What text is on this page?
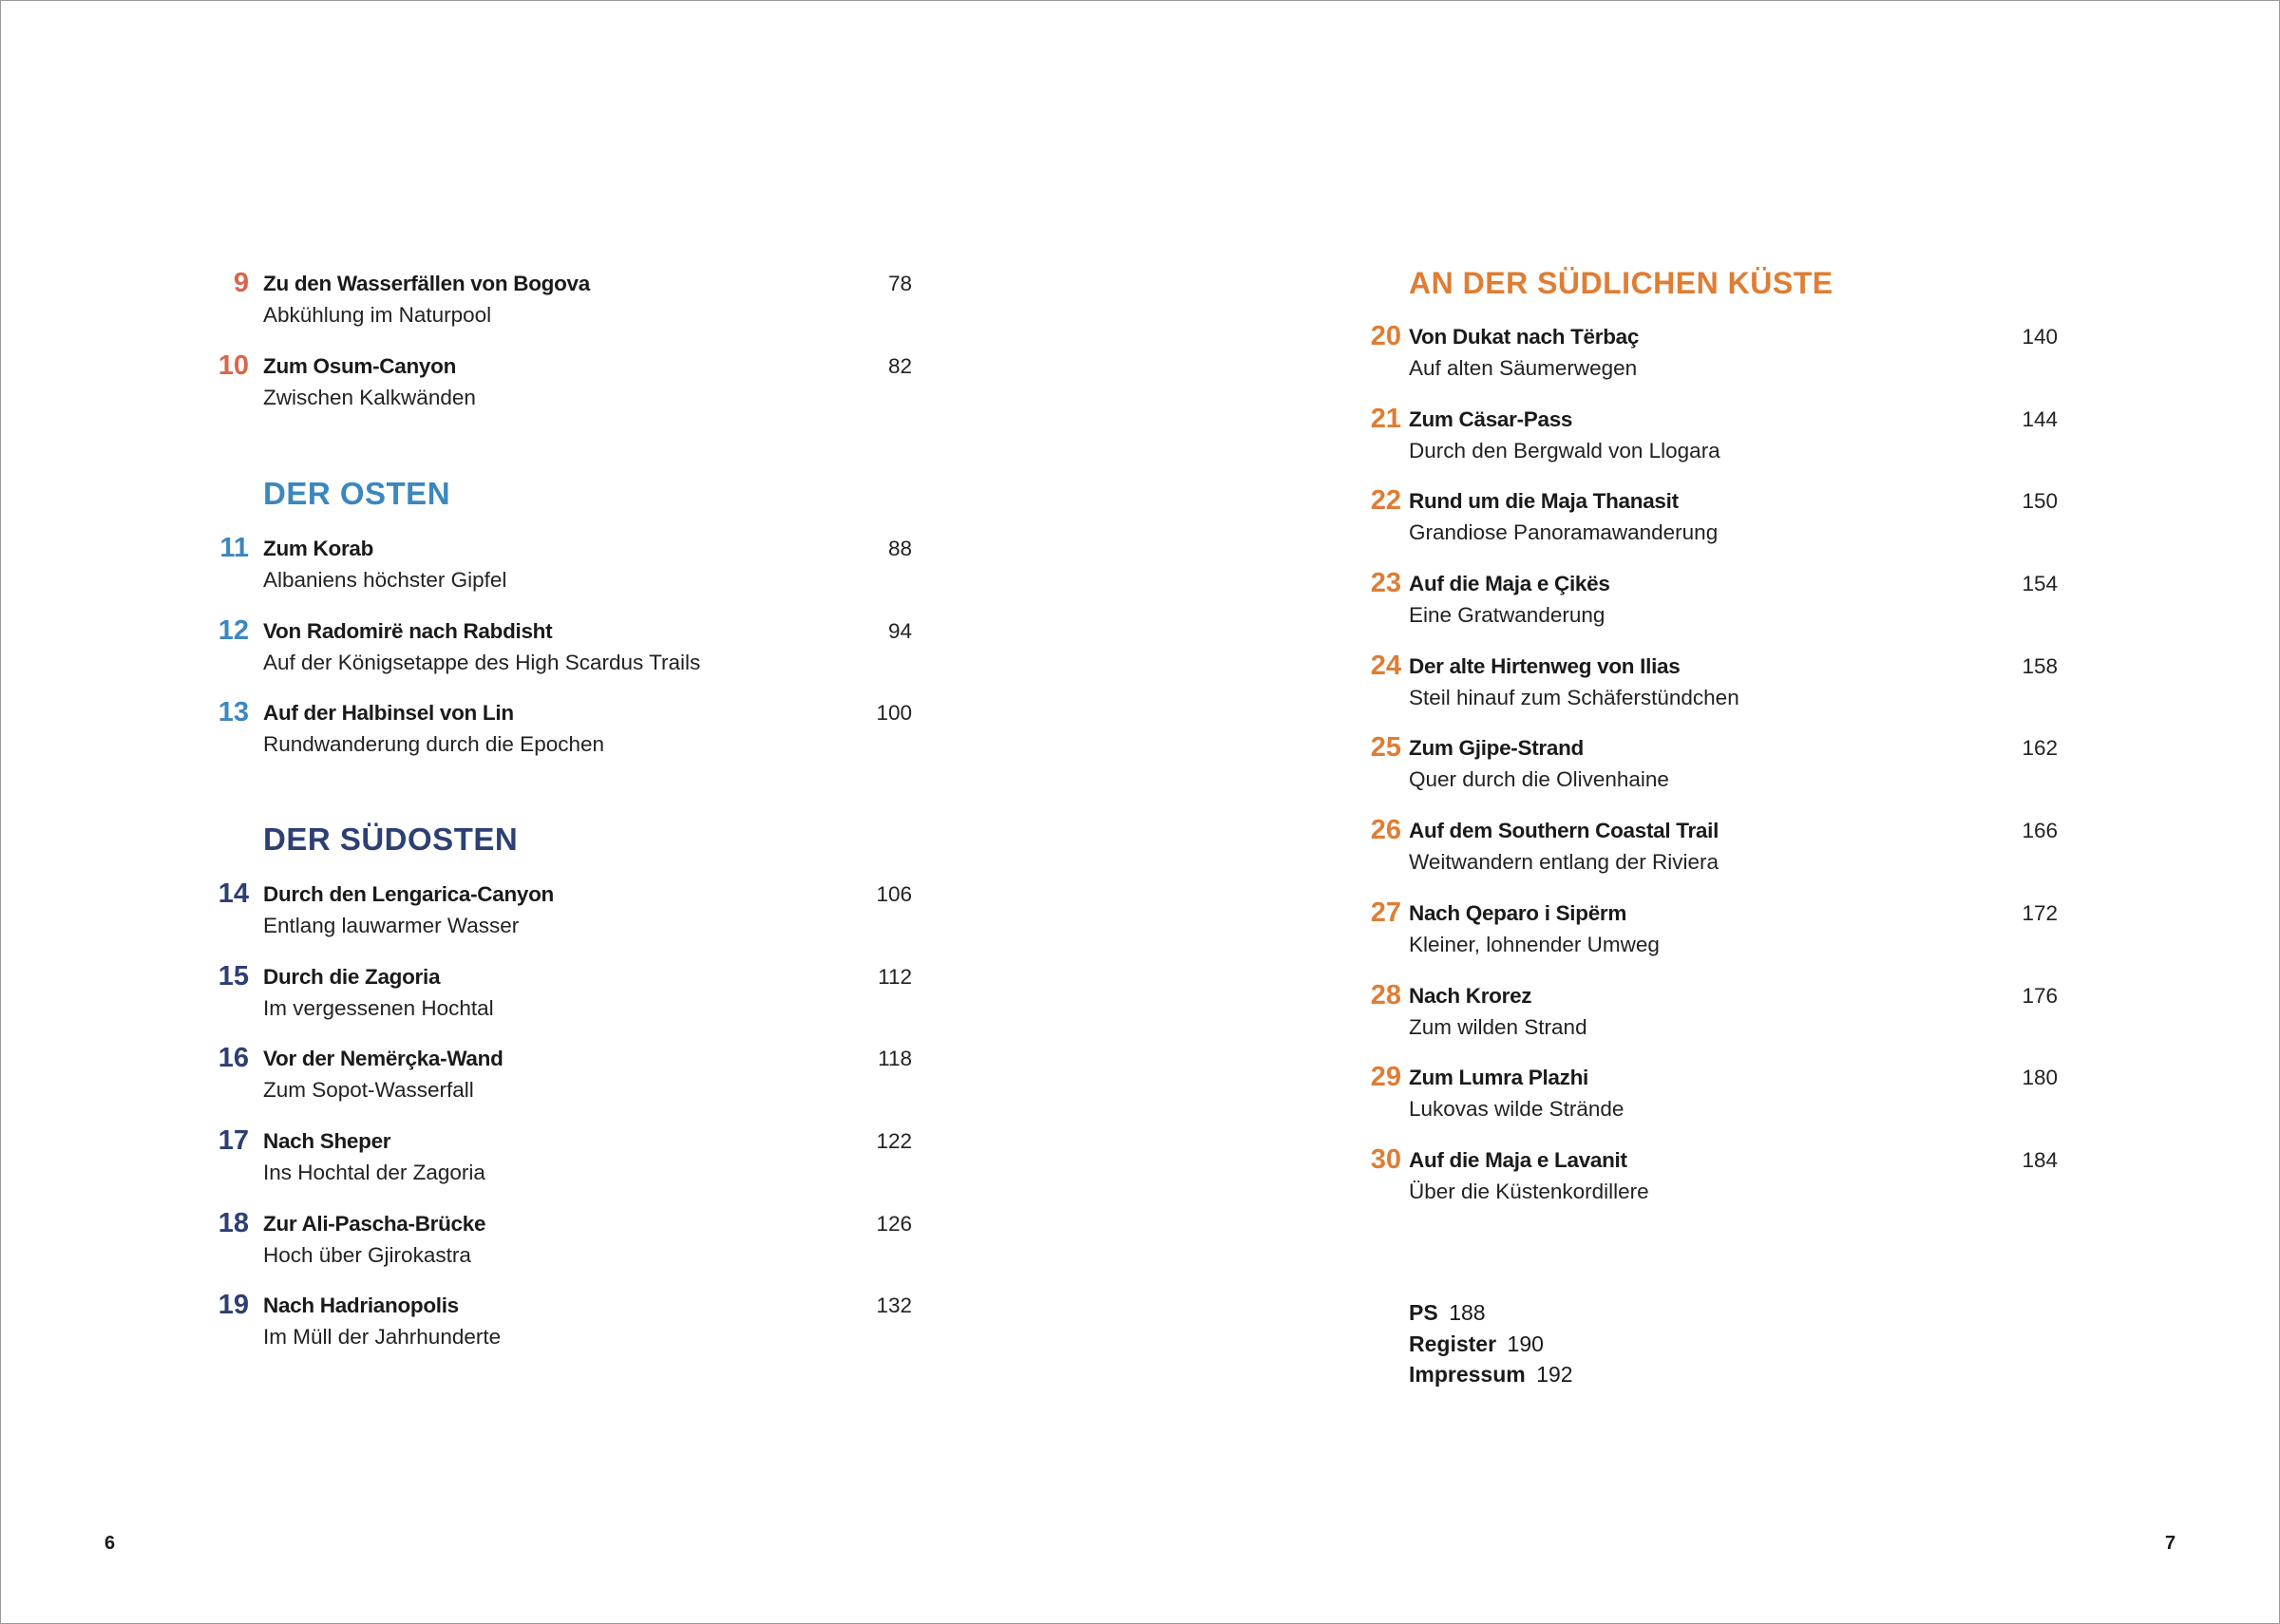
9 Zu den Wasserfällen von Bogova
Abkühlung im Naturpool
78
10 Zum Osum-Canyon
Zwischen Kalkwänden
82
DER OSTEN
11 Zum Korab
Albaniens höchster Gipfel
88
12 Von Radomirë nach Rabdisht
Auf der Königsetappe des High Scardus Trails
94
13 Auf der Halbinsel von Lin
Rundwanderung durch die Epochen
100
DER SÜDOSTEN
14 Durch den Lengarica-Canyon
Entlang lauwarmer Wasser
106
15 Durch die Zagoria
Im vergessenen Hochtal
112
16 Vor der Nemërçka-Wand
Zum Sopot-Wasserfall
118
17 Nach Sheper
Ins Hochtal der Zagoria
122
18 Zur Ali-Pascha-Brücke
Hoch über Gjirokastra
126
19 Nach Hadrianopolis
Im Müll der Jahrhunderte
132
AN DER SÜDLICHEN KÜSTE
20 Von Dukat nach Tërbaç
Auf alten Säumerwegen
140
21 Zum Cäsar-Pass
Durch den Bergwald von Llogara
144
22 Rund um die Maja Thanasit
Grandiose Panoramawanderung
150
23 Auf die Maja e Çikës
Eine Gratwanderung
154
24 Der alte Hirtenweg von Ilias
Steil hinauf zum Schäferstündchen
158
25 Zum Gjipe-Strand
Quer durch die Olivenhaine
162
26 Auf dem Southern Coastal Trail
Weitwandern entlang der Riviera
166
27 Nach Qeparo i Sipërm
Kleiner, lohnender Umweg
172
28 Nach Krorez
Zum wilden Strand
176
29 Zum Lumra Plazhi
Lukovas wilde Strände
180
30 Auf die Maja e Lavanit
Über die Küstenkordillere
184
PS  188
Register  190
Impressum  192
6	7
